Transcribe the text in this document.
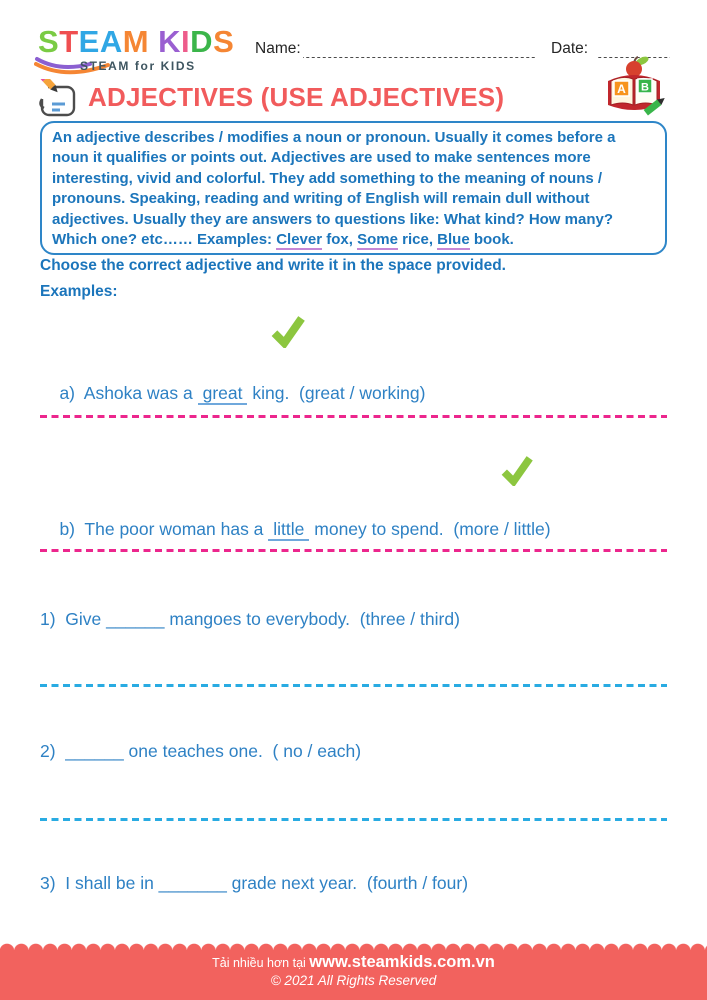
STEAM KIDS
STEAM for KIDS
Name:	Date:
ADJECTIVES (USE ADJECTIVES)	A B
An adjective describes / modifies a noun or pronoun. Usually it comes before a noun it qualifies or points out. Adjectives are used to make sentences more interesting, vivid and colorful. They add something to the meaning of nouns / pronouns. Speaking, reading and writing of English will remain dull without adjectives. Usually they are answers to questions like: What kind? How many? Which one? etc…… Examples: Clever fox, Some rice, Blue book.

Choose the correct adjective and write it in the space provided.

Examples:

a)  Ashoka was a great king.  (great / working)

b)  The poor woman has a little money to spend.  (more / little)

1)  Give ______ mangoes to everybody.  (three / third)

2)  ______ one teaches one.  ( no / each)

3)  I shall be in _______ grade next year.  (fourth / four)

Tải nhiều hơn tại www.steamkids.com.vn

© 2021 All Rights Reserved
